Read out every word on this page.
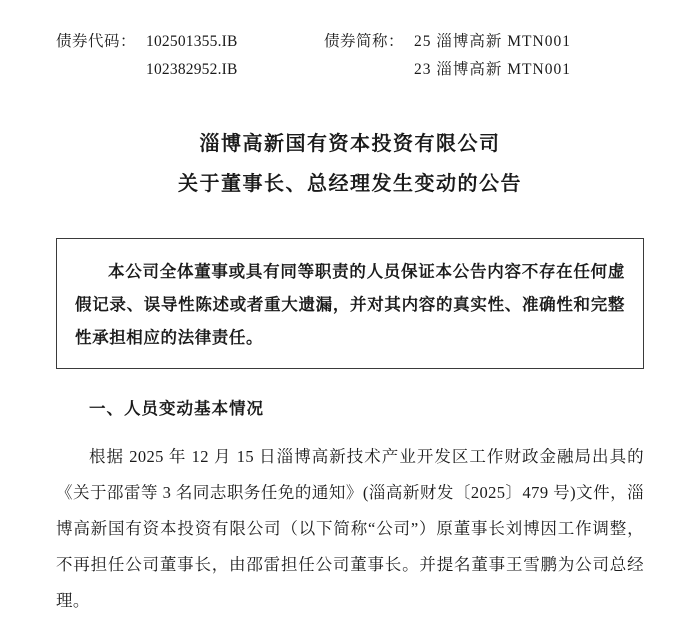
债券代码： 102501355.IB
102382952.IB
债券简称： 25 淄博高新 MTN001
23 淄博高新 MTN001
淄博高新国有资本投资有限公司
关于董事长、总经理发生变动的公告

本公司全体董事或具有同等职责的人员保证本公告内容不存在任何虚假记录、误导性陈述或者重大遗漏，并对其内容的真实性、准确性和完整性承担相应的法律责任。

一、人员变动基本情况

根据 2025 年 12 月 15 日淄博高新技术产业开发区工作财政金融局出具的《关于邵雷等 3 名同志职务任免的通知》(淄高新财发〔2025〕479 号)文件，淄博高新国有资本投资有限公司（以下简称“公司”）原董事长刘博因工作调整，不再担任公司董事长，由邵雷担任公司董事长。并提名董事王雪鹏为公司总经理。
